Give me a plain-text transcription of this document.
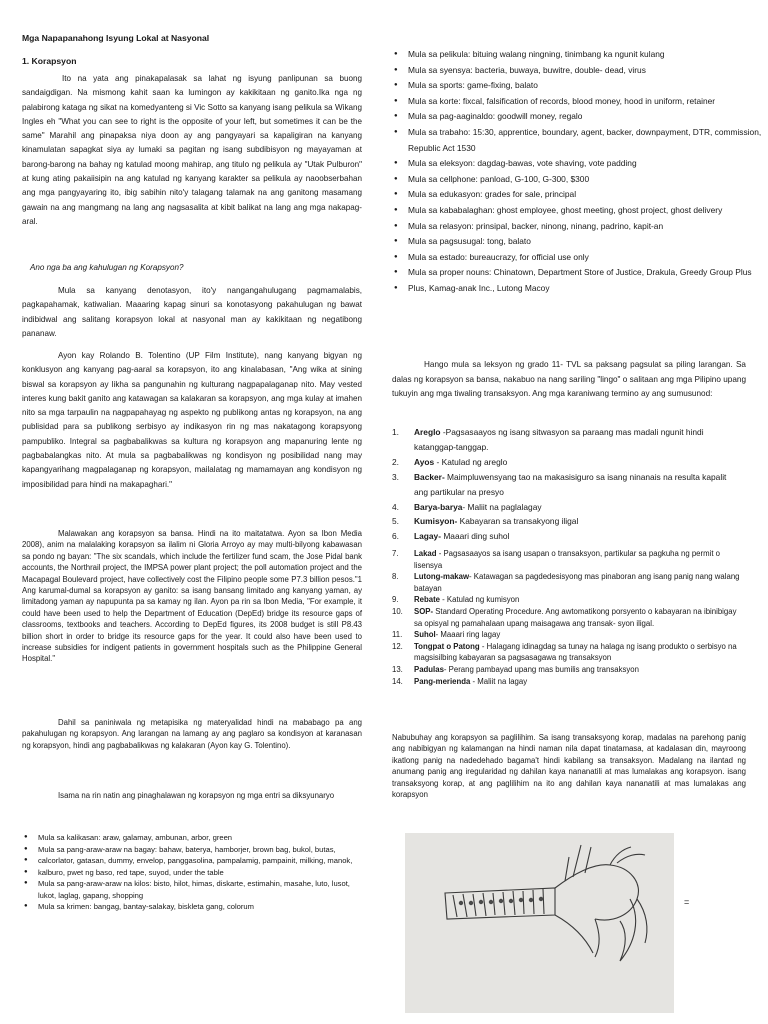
Mga Napapanahong Isyung Lokal at Nasyonal
1. Korapsyon

Ito na yata ang pinakapalasak sa lahat ng isyung panlipunan sa buong sandaigdigan. Na mismong kahit saan ka lumingon ay kakikitaan ng ganito.Ika nga ng palabirong kataga ng sikat na komedyanteng si Vic Sotto sa kanyang isang pelikula sa Wikang Ingles eh "What you can see to right is the opposite of your left, but sometimes it can be the same" Marahil ang pinapaksa niya doon ay ang pangyayari sa kapaligiran na kanyang kinamulatan sapagkat siya ay lumaki sa pagitan ng isang subdibisyon ng mayayaman at barong-barong na bahay ng katulad moong mahirap, ang titulo ng pelikula ay "Utak Pulburon" at kung ating pakaiisipin na ang katulad ng kanyang karakter sa pelikula ay naoobserbahan ang mga pangyayaring ito, ibig sabihin nito'y talagang talamak na ang ganitong masamang gawain na ang mangmang na lang ang nagsasalita at kibit balikat na lang ang mga nakapag-aral.

Ano nga ba ang kahulugan ng Korapsyon?

Mula sa kanyang denotasyon, ito'y nangangahulugang pagmamalabis, pagkapahamak, katiwalian. Maaaring kapag sinuri sa konotasyong pakahulugan ng bawat indibidwal ang salitang korapsyon lokal at nasyonal man ay kakikitaan ng negatibong pananaw.

Ayon kay Rolando B. Tolentino (UP Film Institute), nang kanyang bigyan ng konklusyon ang kanyang pag-aaral sa korapsyon, ito ang kinalabasan, "Ang wika at sining biswal sa korapsyon ay likha sa pangunahin ng kulturang nagpapalaganap nito. May vested interes kung bakit ganito ang katawagan sa kalakaran sa korapsyon, ang mga kulay at imahen nito sa mga tarpaulin na nagpapahayag ng aspekto ng publikong antas ng korapsyon, na ang publisidad para sa publikong serbisyo ay indikasyon rin ng mas nakatagong korapsyong pampubliko. Integral sa pagbabalikwas sa kultura ng korapsyon ang mapanuring lente ng pagbabalangkas nito. At mula sa pagbabalikwas ng kondisyon ng posibilidad nang may kapangyarihang magpalaganap ng korapsyon, mailalatag ng mamamayan ang kondisyon ng imposibilidad para hindi na makapaghari."

Malawakan ang korapsyon sa bansa. Hindi na ito maitatatwa. Ayon sa Ibon Media 2008), anim na malalaking korapsyon sa ilalim ni Gloria Arroyo ay may multi-bilyong kabawasan sa pondo ng bayan: "The six scandals, which include the fertilizer fund scam, the Jose Pidal bank accounts, the Northrail project, the IMPSA power plant project; the poll automation project and the Macapagal Boulevard project, have collectively cost the Filipino people some P7.3 billion pesos."1 Ang karumal-dumal sa korapsyon ay ganito: sa isang bansang limitado ang kanyang yaman, ay limitadong yaman ay napupunta pa sa kamay ng ilan. Ayon pa rin sa Ibon Media, "For example, it could have been used to help the Department of Education (DepEd) bridge its resource gaps of classrooms, textbooks and teachers. According to DepEd figures, its 2008 budget is still P8.43 billion short in order to bridge its resource gaps for the year. It could also have been used to increase subsidies for indigent patients in government hospitals such as the Philippine General Hospital."

Dahil sa paniniwala ng metapisika ng materyalidad hindi na mababago pa ang pakahulugan ng korapsyon. Ang larangan na lamang ay ang paglaro sa kondisyon at karanasan ng korapsyon, hindi ang pagbabalikwas ng kalakaran (Ayon kay G. Tolentino).

Isama na rin natin ang pinaghalawan ng korapsyon ng mga entri sa diksyunaryo

● Mula sa kalikasan: araw, galamay, ambunan, arbor, green
● Mula sa pang-araw-araw na bagay: bahaw, baterya, hamborjer, brown bag, bukol, butas,
● calcorlator, gatasan, dummy, envelop, panggasolina, pampalamig, pampainit, milking, manok,
● kalburo, pwet ng baso, red tape, suyod, under the table
● Mula sa pang-araw-araw na kilos: bisto, hilot, himas, diskarte, estimahin, masahe, luto, lusot, lukot, laglag, gapang, shopping
● Mula sa krimen: bangag, bantay-salakay, biskleta gang, colorum
● Mula sa pelikula: bituing walang ningning, tinimbang ka ngunit kulang
● Mula sa syensya: bacteria, buwaya, buwitre, double- dead, virus
● Mula sa sports: game-fixing, balato
● Mula sa korte: fixcal, falsification of records, blood money, hood in uniform, retainer
● Mula sa pag-aaginaldo: goodwill money, regalo
● Mula sa trabaho: 15:30, apprentice, boundary, agent, backer, downpayment, DTR, commission, Republic Act 1530
● Mula sa eleksyon: dagdag-bawas, vote shaving, vote padding
● Mula sa cellphone: panload, G-100, G-300, $300
● Mula sa edukasyon: grades for sale, principal
● Mula sa kababalaghan: ghost employee, ghost meeting, ghost project, ghost delivery
● Mula sa relasyon: prinsipal, backer, ninong, ninang, padrino, kapit-an
● Mula sa pagsusugal: tong, balato
● Mula sa estado: bureaucrazy, for official use only
● Mula sa proper nouns: Chinatown, Department Store of Justice, Drakula, Greedy Group Plus
● Plus, Kamag-anak Inc., Lutong Macoy

Hango mula sa leksyon ng grado 11- TVL sa paksang pagsulat sa piling larangan. Sa dalas ng korapsyon sa bansa, nakabuo na nang sariling "lingo" o salitaan ang mga Pilipino upang tukuyin ang mga tiwaling transaksyon. Ang mga karaniwang termino ay ang sumusunod:

1. Areglo -Pagsasaayos ng isang sitwasyon sa paraang mas madali ngunit hindi katanggap-tanggap.
2. Ayos - Katulad ng areglo
3. Backer- Maimpluwensyang tao na makasisiguro sa isang ninanais na resulta kapalit ang partikular na presyo
4. Barya-barya- Maliit na paglalagay
5. Kumisyon- Kabayaran sa transakyong iligal
6. Lagay- Maaari ding suhol
7. Lakad - Pagsasaayos sa isang usapan o transaksyon, partikular sa pagkuha ng permit o lisensya
8. Lutong-makaw- Katawagan sa pagdedesisyong mas pinaboran ang isang panig nang walang batayan
9. Rebate - Katulad ng kumisyon
10. SOP- Standard Operating Procedure. Ang awtomatikong porsyento o kabayaran na ibinibigay sa opisyal ng pamahalaan upang maisagawa ang transak- syon iligal.
11. Suhol- Maaari ring lagay
12. Tongpat o Patong - Halagang idinagdag sa tunay na halaga ng isang produkto o serbisyo na magsisilbing kabayaran sa pagsasagawa ng transaksyon
13. Padulas- Perang pambayad upang mas bumilis ang transaksyon
14. Pang-merienda - Maliit na lagay

Nabubuhay ang korapsyon sa paglilihim. Sa isang transaksyong korap, madalas na parehong panig ang nabibigyan ng kalamangan na hindi naman nila dapat tinatamasa, at kadalasan din, mayroong ikatlong panig na nadedehado bagama't hindi kabilang sa transaksyon. Madalang na ilantad ng anumang panig ang iregularidad ng dahilan kaya nananatili at mas lumalakas ang korapsyon. isang transaksyong korap, at ang paglilihim na ito ang dahilan kaya nananatili at mas lumalakas ang korapsyon

=
